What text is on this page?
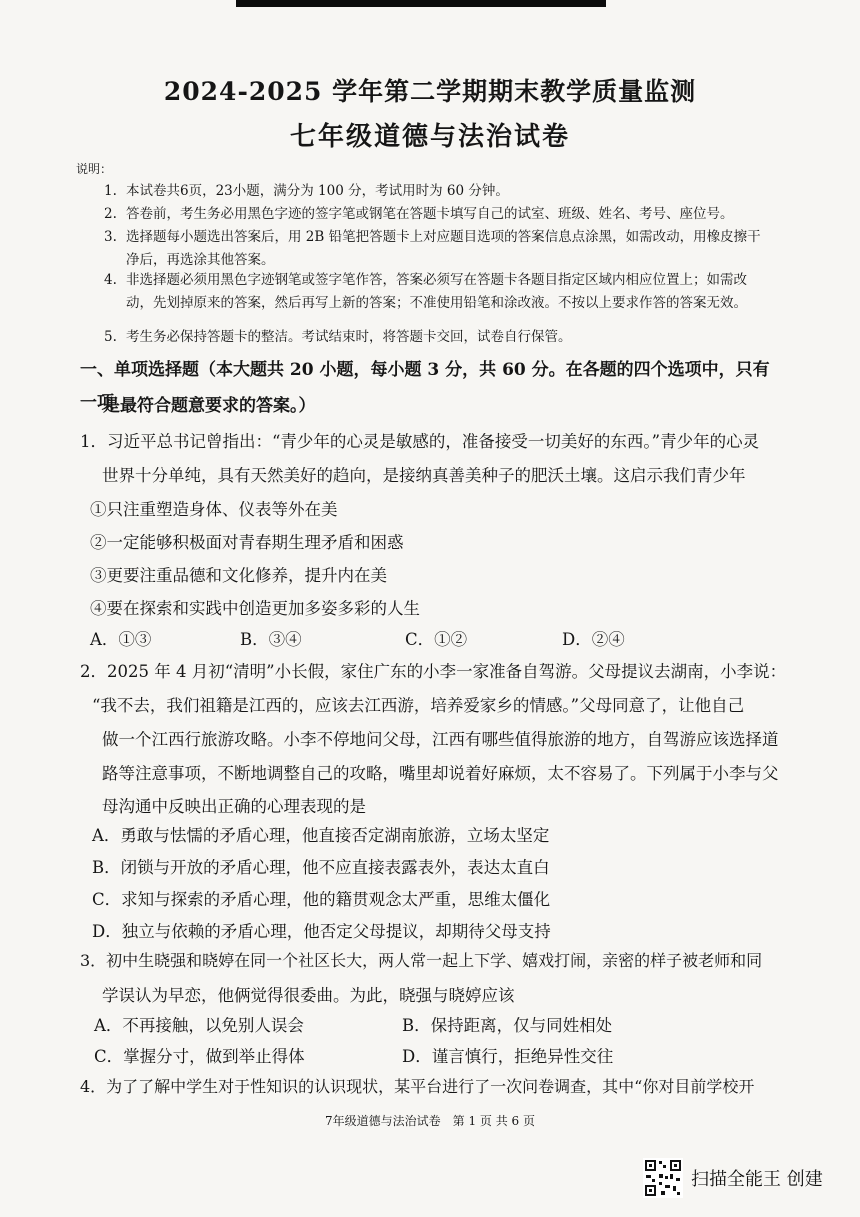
2024-2025 学年第二学期期末教学质量监测
七年级道德与法治试卷
说明：
1. 本试卷共6页，23小题，满分为 100 分，考试用时为 60 分钟。
2. 答卷前，考生务必用黑色字迹的签字笔或钢笔在答题卡填写自己的试室、班级、姓名、考号、座位号。
3. 选择题每小题选出答案后，用 2B 铅笔把答题卡上对应题目选项的答案信息点涂黑，如需改动，用橡皮擦干净后，再选涂其他答案。
4. 非选择题必须用黑色字迹钢笔或签字笔作答，答案必须写在答题卡各题目指定区域内相应位置上；如需改动，先划掉原来的答案，然后再写上新的答案；不准使用铅笔和涂改液。不按以上要求作答的答案无效。
5. 考生务必保持答题卡的整洁。考试结束时，将答题卡交回，试卷自行保管。
一、单项选择题（本大题共 20 小题，每小题 3 分，共 60 分。在各题的四个选项中，只有一项
是最符合题意要求的答案。）
1．习近平总书记曾指出：“青少年的心灵是敏感的，准备接受一切美好的东西。”青少年的心灵
世界十分单纯，具有天然美好的趋向，是接纳真善美种子的肥沃土壤。这启示我们青少年
①只注重塑造身体、仪表等外在美
②一定能够积极面对青春期生理矛盾和困惑
③更要注重品德和文化修养，提升内在美
④要在探索和实践中创造更加多姿多彩的人生
A．①③	B．③④	C．①②	D．②④
2．2025 年 4 月初“清明”小长假，家住广东的小李一家准备自驾游。父母提议去湖南，小李说：
“我不去，我们祖籍是江西的，应该去江西游，培养爱家乡的情感。”父母同意了，让他自己
做一个江西行旅游攻略。小李不停地问父母，江西有哪些值得旅游的地方，自驾游应该选择道
路等注意事项，不断地调整自己的攻略，嘴里却说着好麻烦，太不容易了。下列属于小李与父
母沟通中反映出正确的心理表现的是
A．勇敢与怯懦的矛盾心理，他直接否定湖南旅游，立场太坚定
B．闭锁与开放的矛盾心理，他不应直接表露表外，表达太直白
C．求知与探索的矛盾心理，他的籍贯观念太严重，思维太僵化
D．独立与依赖的矛盾心理，他否定父母提议，却期待父母支持
3．初中生晓强和晓婷在同一个社区长大，两人常一起上下学、嬉戏打闹，亲密的样子被老师和同
学误认为早恋，他俩觉得很委曲。为此，晓强与晓婷应该
A．不再接触，以免别人误会	B．保持距离，仅与同姓相处
C．掌握分寸，做到举止得体	D．谨言慎行，拒绝异性交往
4．为了了解中学生对于性知识的认识现状，某平台进行了一次问卷调查，其中“你对目前学校开
7年级道德与法治试卷　第 1 页 共 6 页
扫描全能王 创建
